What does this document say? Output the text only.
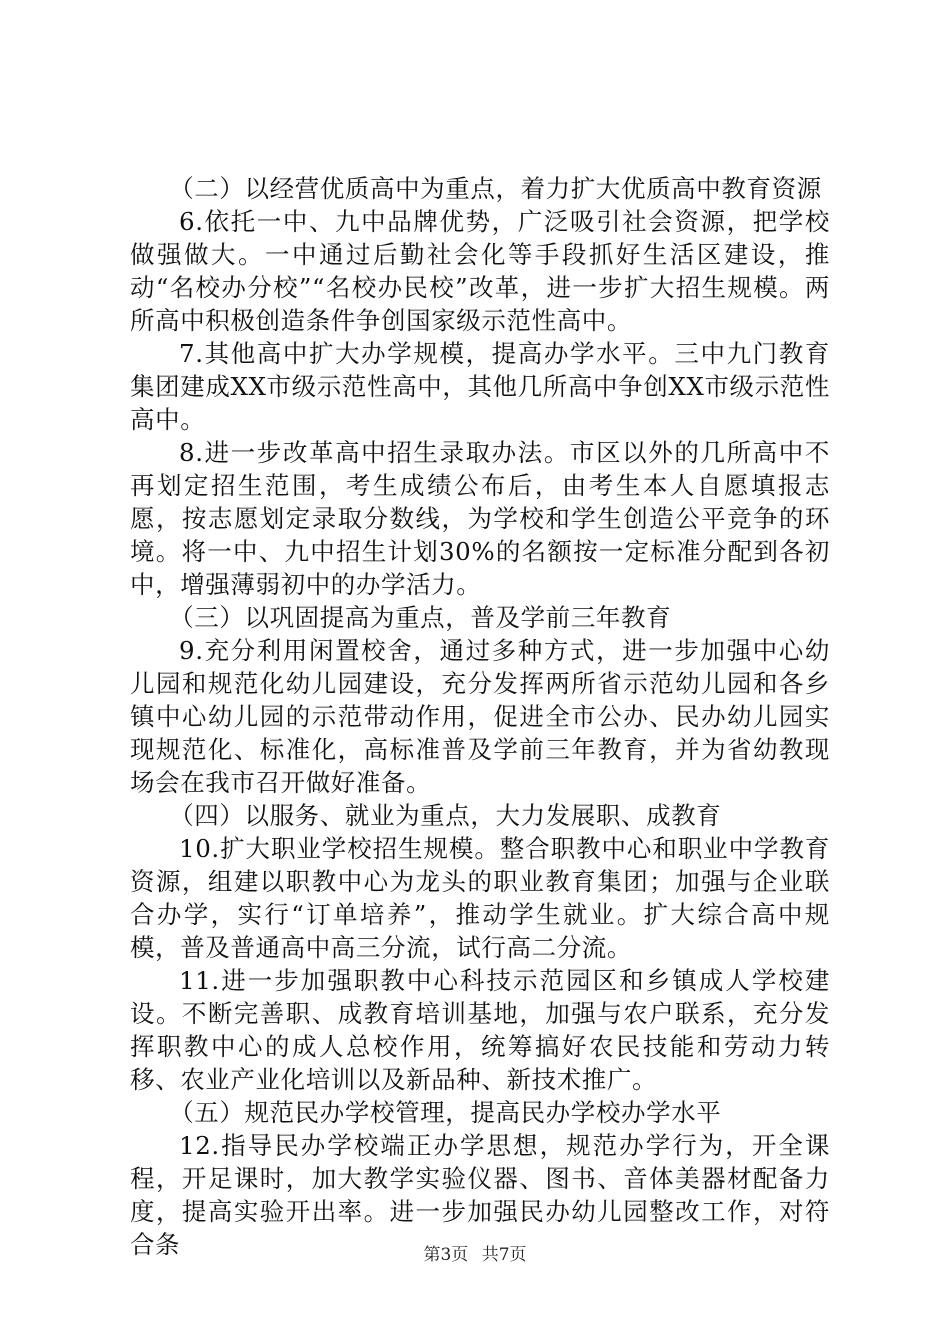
（二）以经营优质高中为重点，着力扩大优质高中教育资源

6.依托一中、九中品牌优势，广泛吸引社会资源，把学校做强做大。一中通过后勤社会化等手段抓好生活区建设，推动“名校办分校”“名校办民校”改革，进一步扩大招生规模。两所高中积极创造条件争创国家级示范性高中。

7.其他高中扩大办学规模，提高办学水平。三中九门教育集团建成XX市级示范性高中，其他几所高中争创XX市级示范性高中。

8.进一步改革高中招生录取办法。市区以外的几所高中不再划定招生范围，考生成绩公布后，由考生本人自愿填报志愿，按志愿划定录取分数线，为学校和学生创造公平竞争的环境。将一中、九中招生计划30%的名额按一定标准分配到各初中，增强薄弱初中的办学活力。

（三）以巩固提高为重点，普及学前三年教育

9.充分利用闲置校舍，通过多种方式，进一步加强中心幼儿园和规范化幼儿园建设，充分发挥两所省示范幼儿园和各乡镇中心幼儿园的示范带动作用，促进全市公办、民办幼儿园实现规范化、标准化，高标准普及学前三年教育，并为省幼教现场会在我市召开做好准备。

（四）以服务、就业为重点，大力发展职、成教育

10.扩大职业学校招生规模。整合职教中心和职业中学教育资源，组建以职教中心为龙头的职业教育集团；加强与企业联合办学，实行“订单培养”，推动学生就业。扩大综合高中规模，普及普通高中高三分流，试行高二分流。

11.进一步加强职教中心科技示范园区和乡镇成人学校建设。不断完善职、成教育培训基地，加强与农户联系，充分发挥职教中心的成人总校作用，统筹搞好农民技能和劳动力转移、农业产业化培训以及新品种、新技术推广。

（五）规范民办学校管理，提高民办学校办学水平

12.指导民办学校端正办学思想，规范办学行为，开全课程，开足课时，加大教学实验仪器、图书、音体美器材配备力度，提高实验开出率。进一步加强民办幼儿园整改工作，对符合条	第3页 共7页
